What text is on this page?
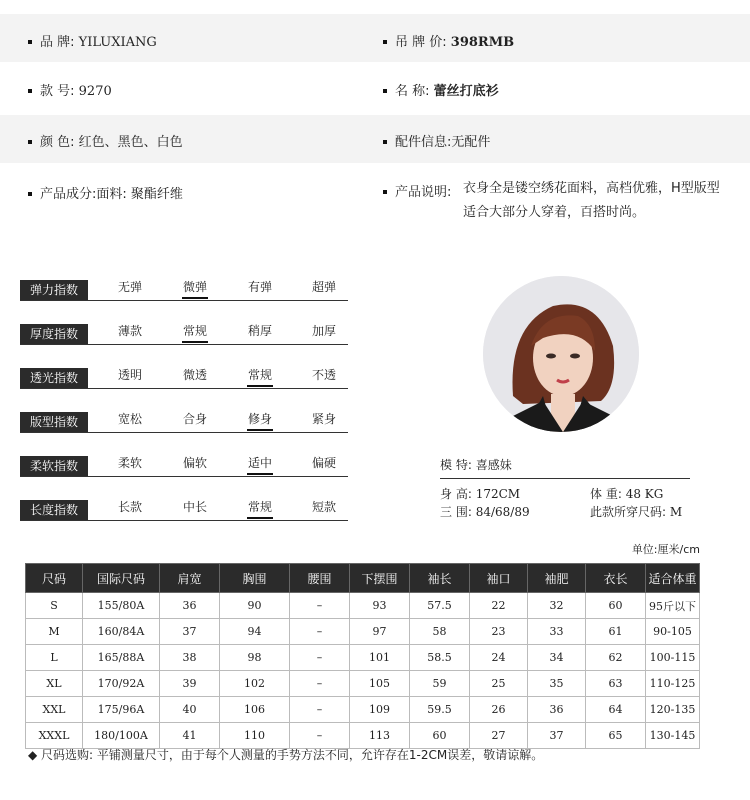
品 牌: YILUXIANG	吊 牌 价: 398RMB
款 号: 9270	名 称: 蕾丝打底衫
颜 色: 红色、黑色、白色	配件信息:无配件
产品成分:面料: 聚酯纤维	产品说明: 衣身全是镂空绣花面料，高档优雅，H型版型适合大部分人穿着，百搭时尚。
弹力指数	无弹	微弹	有弹	超弹
厚度指数	薄款	常规	稍厚	加厚
透光指数	透明	微透	常规	不透
版型指数	宽松	合身	修身	紧身
柔软指数	柔软	偏软	适中	偏硬
长度指数	长款	中长	常规	短款
模 特: 喜感妹
身 高: 172CM	体 重: 48 KG
三 围: 84/68/89	此款所穿尺码: M
单位:厘米/cm
尺码	国际尺码	肩宽	胸围	腰围	下摆围	袖长	袖口	袖肥	衣长	适合体重
S	155/80A	36	90	–	93	57.5	22	32	60	95斤以下
M	160/84A	37	94	–	97	58	23	33	61	90-105
L	165/88A	38	98	–	101	58.5	24	34	62	100-115
XL	170/92A	39	102	–	105	59	25	35	63	110-125
XXL	175/96A	40	106	–	109	59.5	26	36	64	120-135
XXXL	180/100A	41	110	–	113	60	27	37	65	130-145
◆ 尺码选购: 平铺测量尺寸，由于每个人测量的手势方法不同，允许存在1-2CM误差，敬请谅解。
